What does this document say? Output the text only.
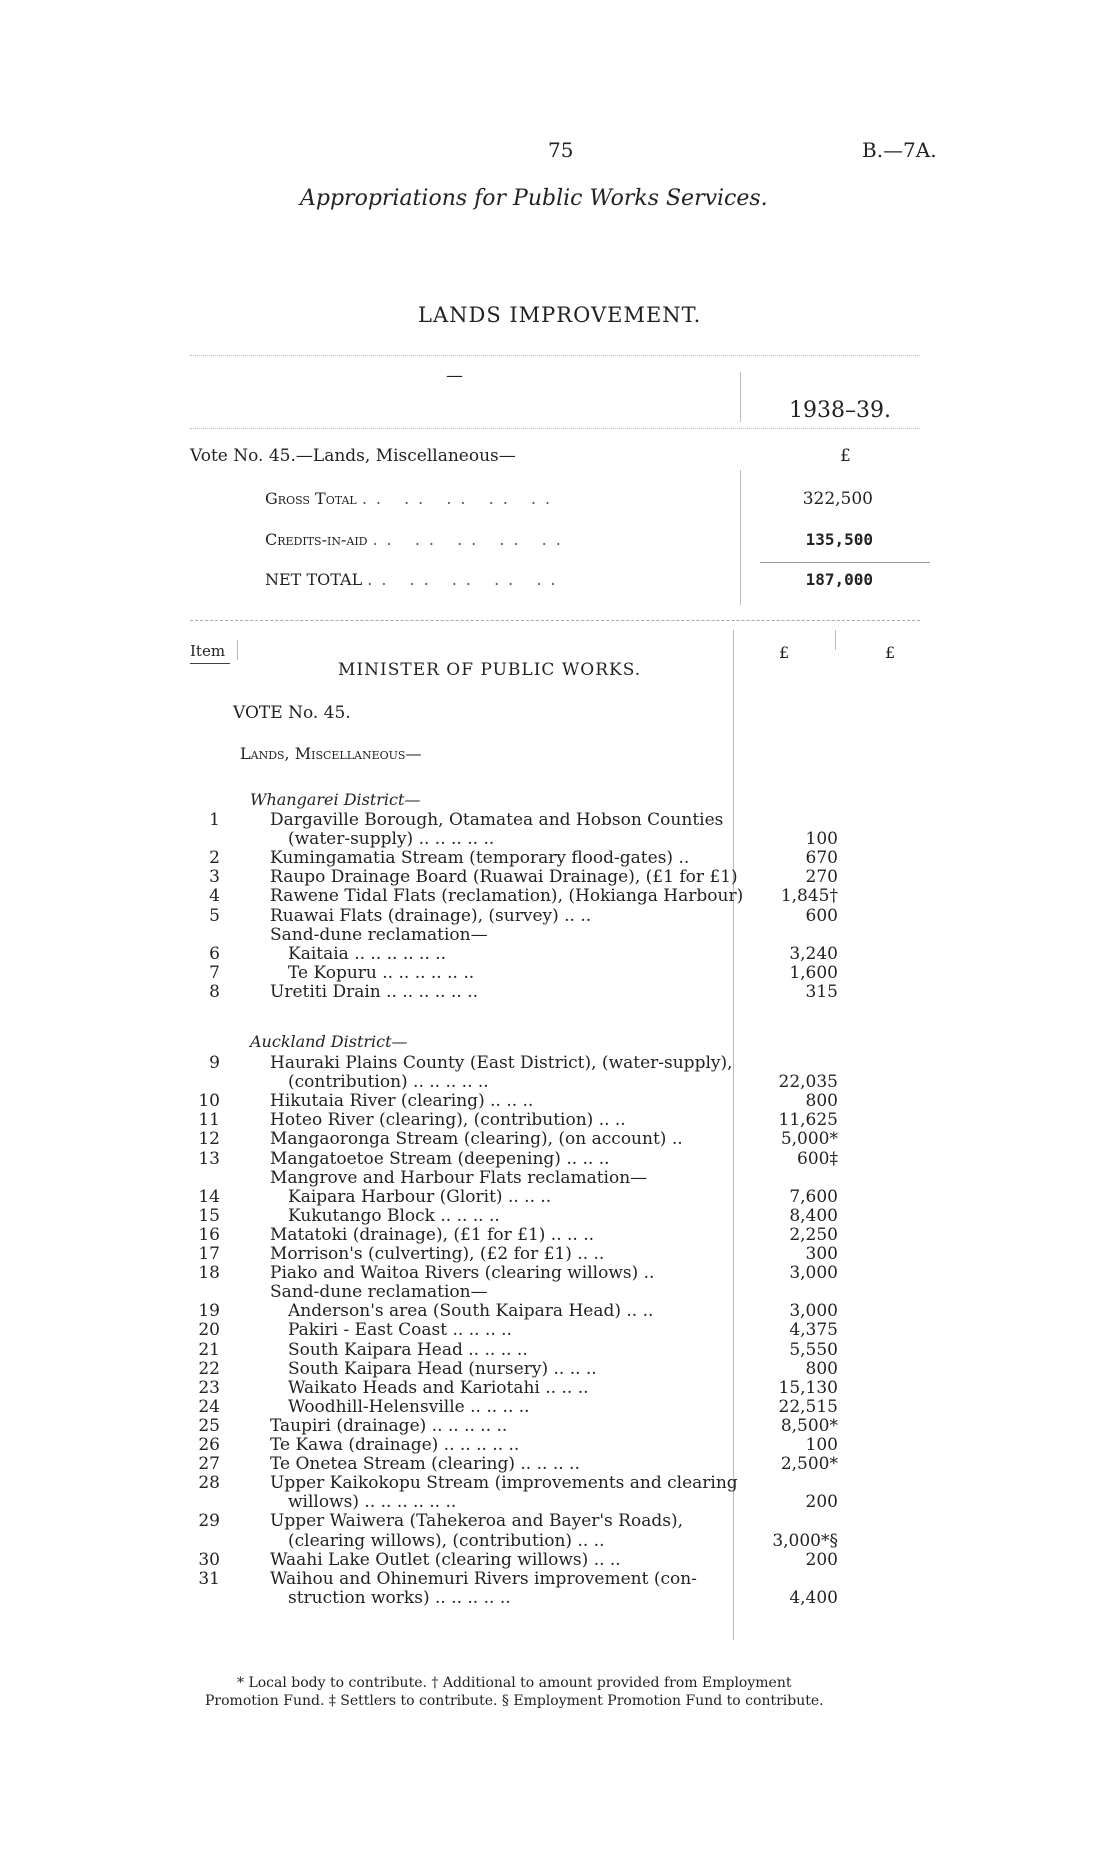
75	B.—7A.
Appropriations for Public Works Services.
LANDS IMPROVEMENT.
—
1938–39.
Vote No. 45.—Lands, Miscellaneous—	£
Gross Total .. .. .. .. ..	322,500
Credits-in-aid .. .. .. .. ..	135,500
NET TOTAL .. .. .. .. ..	187,000
Item	£	£
MINISTER OF PUBLIC WORKS.
VOTE No. 45.
Lands, Miscellaneous—
Whangarei District—
1	Dargaville Borough, Otamatea and Hobson Counties
(water-supply) .. .. .. .. ..	100
2	Kumingamatia Stream (temporary flood-gates) ..	670
3	Raupo Drainage Board (Ruawai Drainage), (£1 for £1)	270
4	Rawene Tidal Flats (reclamation), (Hokianga Harbour)	1,845†
5	Ruawai Flats (drainage), (survey) .. ..	600
Sand-dune reclamation—
6	Kaitaia .. .. .. .. .. ..	3,240
7	Te Kopuru .. .. .. .. .. ..	1,600
8	Uretiti Drain .. .. .. .. .. ..	315
Auckland District—
9	Hauraki Plains County (East District), (water-supply),
(contribution) .. .. .. .. ..	22,035
10	Hikutaia River (clearing) .. .. ..	800
11	Hoteo River (clearing), (contribution) .. ..	11,625
12	Mangaoronga Stream (clearing), (on account) ..	5,000*
13	Mangatoetoe Stream (deepening) .. .. ..	600‡
Mangrove and Harbour Flats reclamation—
14	Kaipara Harbour (Glorit) .. .. ..	7,600
15	Kukutango Block .. .. .. ..	8,400
16	Matatoki (drainage), (£1 for £1) .. .. ..	2,250
17	Morrison's (culverting), (£2 for £1) .. ..	300
18	Piako and Waitoa Rivers (clearing willows) ..	3,000
Sand-dune reclamation—
19	Anderson's area (South Kaipara Head) .. ..	3,000
20	Pakiri - East Coast .. .. .. ..	4,375
21	South Kaipara Head .. .. .. ..	5,550
22	South Kaipara Head (nursery) .. .. ..	800
23	Waikato Heads and Kariotahi .. .. ..	15,130
24	Woodhill-Helensville .. .. .. ..	22,515
25	Taupiri (drainage) .. .. .. .. ..	8,500*
26	Te Kawa (drainage) .. .. .. .. ..	100
27	Te Onetea Stream (clearing) .. .. .. ..	2,500*
28	Upper Kaikokopu Stream (improvements and clearing
willows) .. .. .. .. .. ..	200
29	Upper Waiwera (Tahekeroa and Bayer's Roads),
(clearing willows), (contribution) .. ..	3,000*§
30	Waahi Lake Outlet (clearing willows) .. ..	200
31	Waihou and Ohinemuri Rivers improvement (con-
struction works) .. .. .. .. ..	4,400
* Local body to contribute. † Additional to amount provided from Employment
Promotion Fund. ‡ Settlers to contribute. § Employment Promotion Fund to contribute.
